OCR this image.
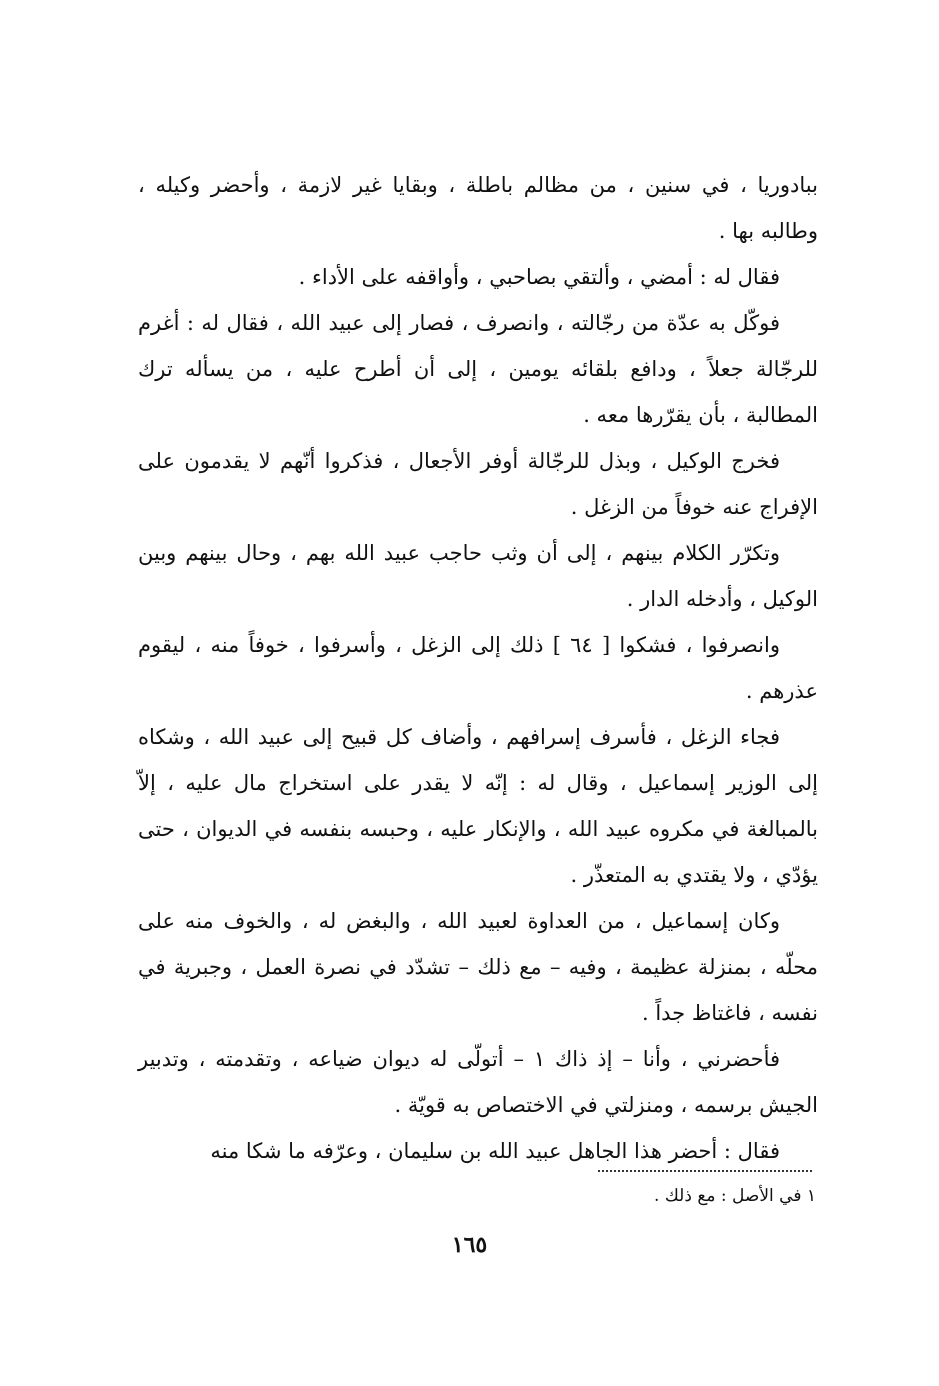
ببادوريا ، في سنين ، من مظالم باطلة ، وبقايا غير لازمة ، وأحضر وكيله ، وطالبه بها .

فقال له : أمضي ، وألتقي بصاحبي ، وأواقفه على الأداء .

فوكّل به عدّة من رجّالته ، وانصرف ، فصار إلى عبيد الله ، فقال له : أغرم للرجّالة جعلاً ، ودافع بلقائه يومين ، إلى أن أطرح عليه ، من يسأله ترك المطالبة ، بأن يقرّرها معه .

فخرج الوكيل ، وبذل للرجّالة أوفر الأجعال ، فذكروا أنّهم لا يقدمون على الإفراج عنه خوفاً من الزغل .

وتكرّر الكلام بينهم ، إلى أن وثب حاجب عبيد الله بهم ، وحال بينهم وبين الوكيل ، وأدخله الدار .

وانصرفوا ، فشكوا [ ٦٤ ] ذلك إلى الزغل ، وأسرفوا ، خوفاً منه ، ليقوم عذرهم .

فجاء الزغل ، فأسرف إسرافهم ، وأضاف كل قبيح إلى عبيد الله ، وشكاه إلى الوزير إسماعيل ، وقال له : إنّه لا يقدر على استخراج مال عليه ، إلاّ بالمبالغة في مكروه عبيد الله ، والإنكار عليه ، وحبسه بنفسه في الديوان ، حتى يؤدّي ، ولا يقتدي به المتعذّر .

وكان إسماعيل ، من العداوة لعبيد الله ، والبغض له ، والخوف منه على محلّه ، بمنزلة عظيمة ، وفيه – مع ذلك – تشدّد في نصرة العمل ، وجبرية في نفسه ، فاغتاظ جداً .

فأحضرني ، وأنا – إذ ذاك ١ – أتولّى له ديوان ضياعه ، وتقدمته ، وتدبير الجيش برسمه ، ومنزلتي في الاختصاص به قويّة .

فقال : أحضر هذا الجاهل عبيد الله بن سليمان ، وعرّفه ما شكا منه

١ في الأصل : مع ذلك .
١٦٥
